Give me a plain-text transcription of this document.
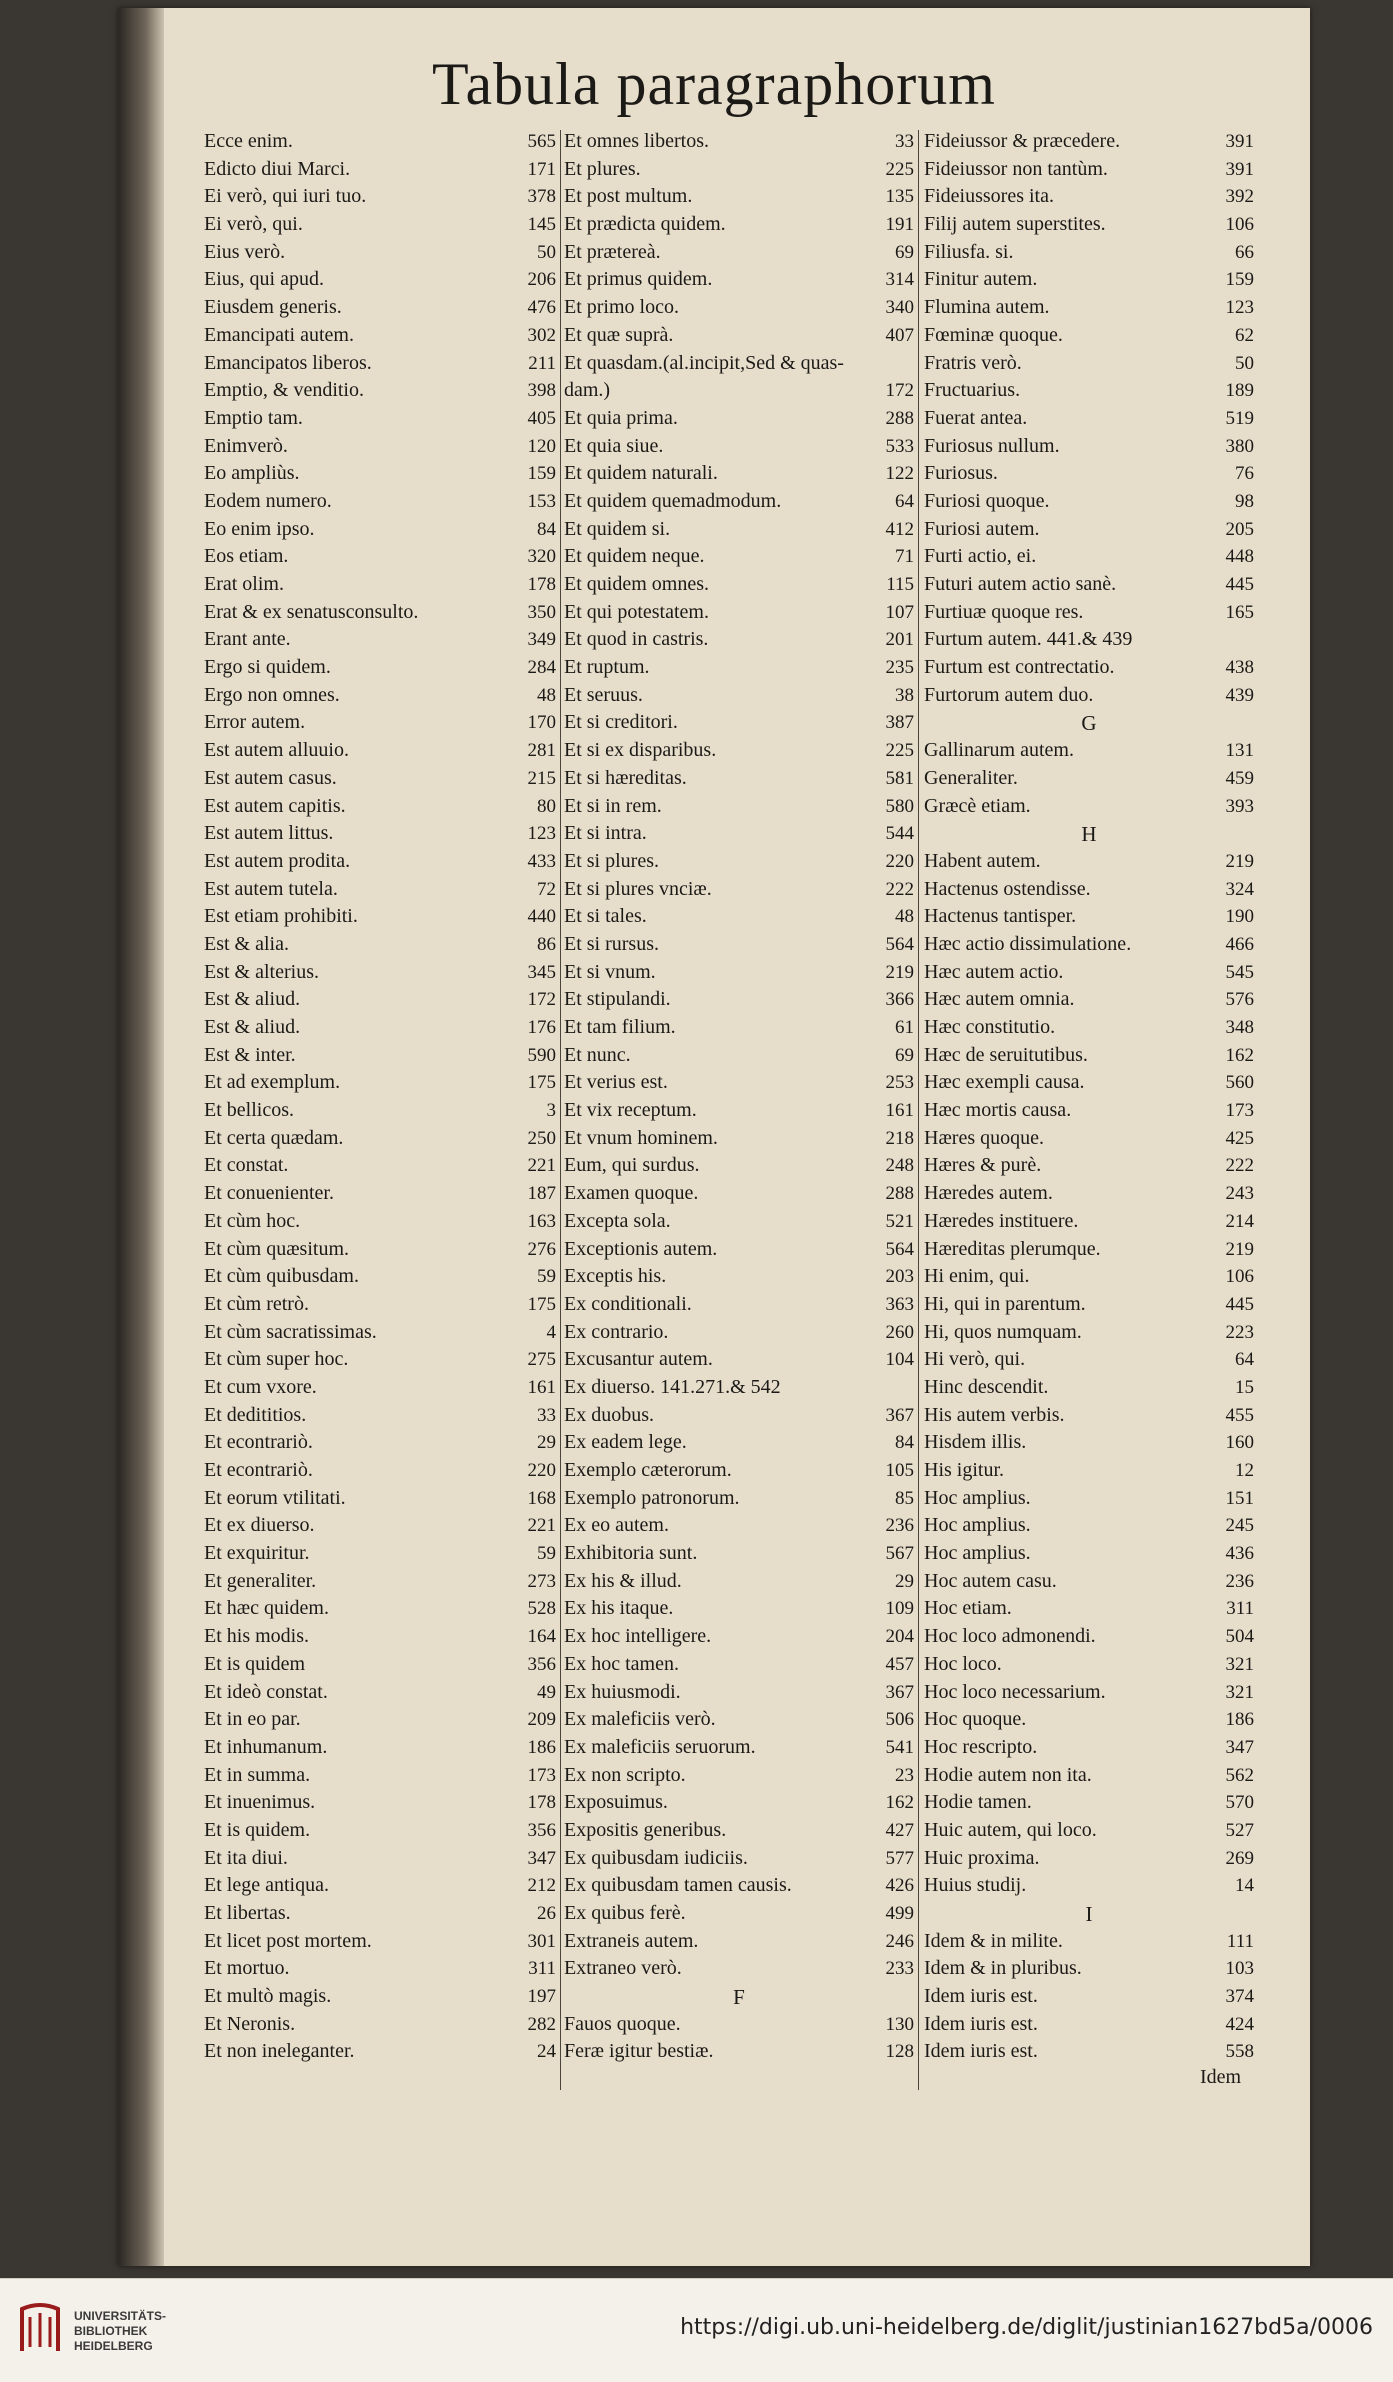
Tabula paragraphorum
Ecce enim.	565
Edicto diui Marci.	171
Ei verò, qui iuri tuo.	378
Ei verò, qui.	145
Eius verò.	50
Eius, qui apud.	206
Eiusdem generis.	476
Emancipati autem.	302
Emancipatos liberos.	211
Emptio, & venditio.	398
Emptio tam.	405
Enimverò.	120
Eo ampliùs.	159
Eodem numero.	153
Eo enim ipso.	84
Eos etiam.	320
Erat olim.	178
Erat & ex senatusconsulto.	350
Erant ante.	349
Ergo si quidem.	284
Ergo non omnes.	48
Error autem.	170
Est autem alluuio.	281
Est autem casus.	215
Est autem capitis.	80
Est autem littus.	123
Est autem prodita.	433
Est autem tutela.	72
Est etiam prohibiti.	440
Est & alia.	86
Est & alterius.	345
Est & aliud.	172
Est & aliud.	176
Est & inter.	590
Et ad exemplum.	175
Et bellicos.	3
Et certa quædam.	250
Et constat.	221
Et conuenienter.	187
Et cùm hoc.	163
Et cùm quæsitum.	276
Et cùm quibusdam.	59
Et cùm retrò.	175
Et cùm sacratissimas.	4
Et cùm super hoc.	275
Et cum vxore.	161
Et dedititios.	33
Et econtrariò.	29
Et econtrariò.	220
Et eorum vtilitati.	168
Et ex diuerso.	221
Et exquiritur.	59
Et generaliter.	273
Et hæc quidem.	528
Et his modis.	164
Et is quidem	356
Et ideò constat.	49
Et in eo par.	209
Et inhumanum.	186
Et in summa.	173
Et inuenimus.	178
Et is quidem.	356
Et ita diui.	347
Et lege antiqua.	212
Et libertas.	26
Et licet post mortem.	301
Et mortuo.	311
Et multò magis.	197
Et Neronis.	282
Et non ineleganter.	24
Et omnes libertos.	33
Et plures.	225
Et post multum.	135
Et prædicta quidem.	191
Et prætereà.	69
Et primus quidem.	314
Et primo loco.	340
Et quæ suprà.	407
Et quasdam.(al.incipit,Sed & quas-
dam.)	172
Et quia prima.	288
Et quia siue.	533
Et quidem naturali.	122
Et quidem quemadmodum.	64
Et quidem si.	412
Et quidem neque.	71
Et quidem omnes.	115
Et qui potestatem.	107
Et quod in castris.	201
Et ruptum.	235
Et seruus.	38
Et si creditori.	387
Et si ex disparibus.	225
Et si hæreditas.	581
Et si in rem.	580
Et si intra.	544
Et si plures.	220
Et si plures vnciæ.	222
Et si tales.	48
Et si rursus.	564
Et si vnum.	219
Et stipulandi.	366
Et tam filium.	61
Et nunc.	69
Et verius est.	253
Et vix receptum.	161
Et vnum hominem.	218
Eum, qui surdus.	248
Examen quoque.	288
Excepta sola.	521
Exceptionis autem.	564
Exceptis his.	203
Ex conditionali.	363
Ex contrario.	260
Excusantur autem.	104
Ex diuerso. 141.271.& 542
Ex duobus.	367
Ex eadem lege.	84
Exemplo cæterorum.	105
Exemplo patronorum.	85
Ex eo autem.	236
Exhibitoria sunt.	567
Ex his & illud.	29
Ex his itaque.	109
Ex hoc intelligere.	204
Ex hoc tamen.	457
Ex huiusmodi.	367
Ex maleficiis verò.	506
Ex maleficiis seruorum.	541
Ex non scripto.	23
Exposuimus.	162
Expositis generibus.	427
Ex quibusdam iudiciis.	577
Ex quibusdam tamen causis.	426
Ex quibus ferè.	499
Extraneis autem.	246
Extraneo verò.	233
F
Fauos quoque.	130
Feræ igitur bestiæ.	128
Fideiussor & præcedere.	391
Fideiussor non tantùm.	391
Fideiussores ita.	392
Filij autem superstites.	106
Filiusfa. si.	66
Finitur autem.	159
Flumina autem.	123
Fœminæ quoque.	62
Fratris verò.	50
Fructuarius.	189
Fuerat antea.	519
Furiosus nullum.	380
Furiosus.	76
Furiosi quoque.	98
Furiosi autem.	205
Furti actio, ei.	448
Futuri autem actio sanè.	445
Furtiuæ quoque res.	165
Furtum autem. 441.& 439
Furtum est contrectatio.	438
Furtorum autem duo.	439
G
Gallinarum autem.	131
Generaliter.	459
Græcè etiam.	393
H
Habent autem.	219
Hactenus ostendisse.	324
Hactenus tantisper.	190
Hæc actio dissimulatione.	466
Hæc autem actio.	545
Hæc autem omnia.	576
Hæc constitutio.	348
Hæc de seruitutibus.	162
Hæc exempli causa.	560
Hæc mortis causa.	173
Hæres quoque.	425
Hæres & purè.	222
Hæredes autem.	243
Hæredes instituere.	214
Hæreditas plerumque.	219
Hi enim, qui.	106
Hi, qui in parentum.	445
Hi, quos numquam.	223
Hi verò, qui.	64
Hinc descendit.	15
His autem verbis.	455
Hisdem illis.	160
His igitur.	12
Hoc amplius.	151
Hoc amplius.	245
Hoc amplius.	436
Hoc autem casu.	236
Hoc etiam.	311
Hoc loco admonendi.	504
Hoc loco.	321
Hoc loco necessarium.	321
Hoc quoque.	186
Hoc rescripto.	347
Hodie autem non ita.	562
Hodie tamen.	570
Huic autem, qui loco.	527
Huic proxima.	269
Huius studij.	14
I
Idem & in milite.	111
Idem & in pluribus.	103
Idem iuris est.	374
Idem iuris est.	424
Idem iuris est.	558
Idem
UNIVERSITÄTS-
BIBLIOTHEK
HEIDELBERG
https://digi.ub.uni-heidelberg.de/diglit/justinian1627bd5a/0006
